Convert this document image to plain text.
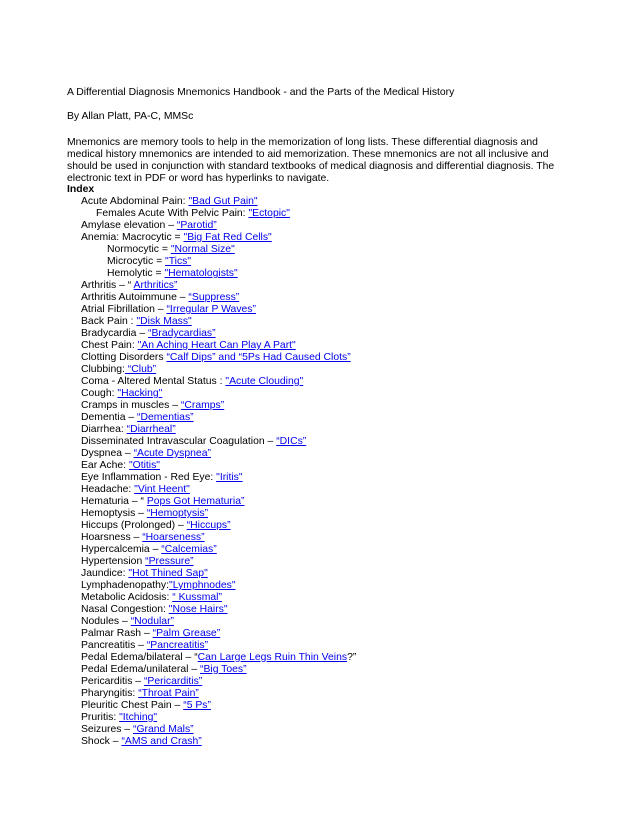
A Differential Diagnosis Mnemonics Handbook - and the Parts of the Medical History
By Allan Platt, PA-C, MMSc
Mnemonics are memory tools to help in the memorization of long lists. These differential diagnosis and medical history mnemonics are intended to aid memorization. These mnemonics are not all inclusive and should be used in conjunction with standard textbooks of medical diagnosis and differential diagnosis. The electronic text in PDF or word has hyperlinks to navigate.
Index
Acute Abdominal Pain: "Bad Gut Pain"
Females Acute With Pelvic Pain: "Ectopic"
Amylase elevation – “Parotid”
Anemia: Macrocytic = "Big Fat Red Cells"
Normocytic = "Normal Size"
Microcytic = "Tics"
Hemolytic = "Hematologists"
Arthritis – “ Arthritics”
Arthritis Autoimmune – “Suppress”
Atrial Fibrillation – “Irregular P Waves”
Back Pain : "Disk Mass"
Bradycardia – “Bradycardias”
Chest Pain: "An Aching Heart Can Play A Part"
Clotting Disorders “Calf Dips” and “5Ps Had Caused Clots”
Clubbing: “Club”
Coma - Altered Mental Status : "Acute Clouding"
Cough: "Hacking"
Cramps in muscles – “Cramps”
Dementia – “Dementias”
Diarrhea: “Diarrheal”
Disseminated Intravascular Coagulation – “DICs”
Dyspnea – “Acute Dyspnea”
Ear Ache: "Otitis"
Eye Inflammation - Red Eye: "Iritis"
Headache: "Vint Heent"
Hematuria – “ Pops Got Hematuria”
Hemoptysis – “Hemoptysis”
Hiccups (Prolonged) – “Hiccups”
Hoarsness – “Hoarseness”
Hypercalcemia – “Calcemias”
Hypertension “Pressure”
Jaundice: "Hot Thined Sap"
Lymphadenopathy:"Lymphnodes"
Metabolic Acidosis: “ Kussmal”
Nasal Congestion: "Nose Hairs"
Nodules – “Nodular”
Palmar Rash – “Palm Grease”
Pancreatitis – “Pancreatitis”
Pedal Edema/bilateral – “Can Large Legs Ruin Thin Veins?”
Pedal Edema/unilateral – “Big Toes”
Pericarditis – “Pericarditis”
Pharyngitis: “Throat Pain”
Pleuritic Chest Pain – “5 Ps”
Pruritis: "Itching"
Seizures – “Grand Mals”
Shock – “AMS and Crash”
